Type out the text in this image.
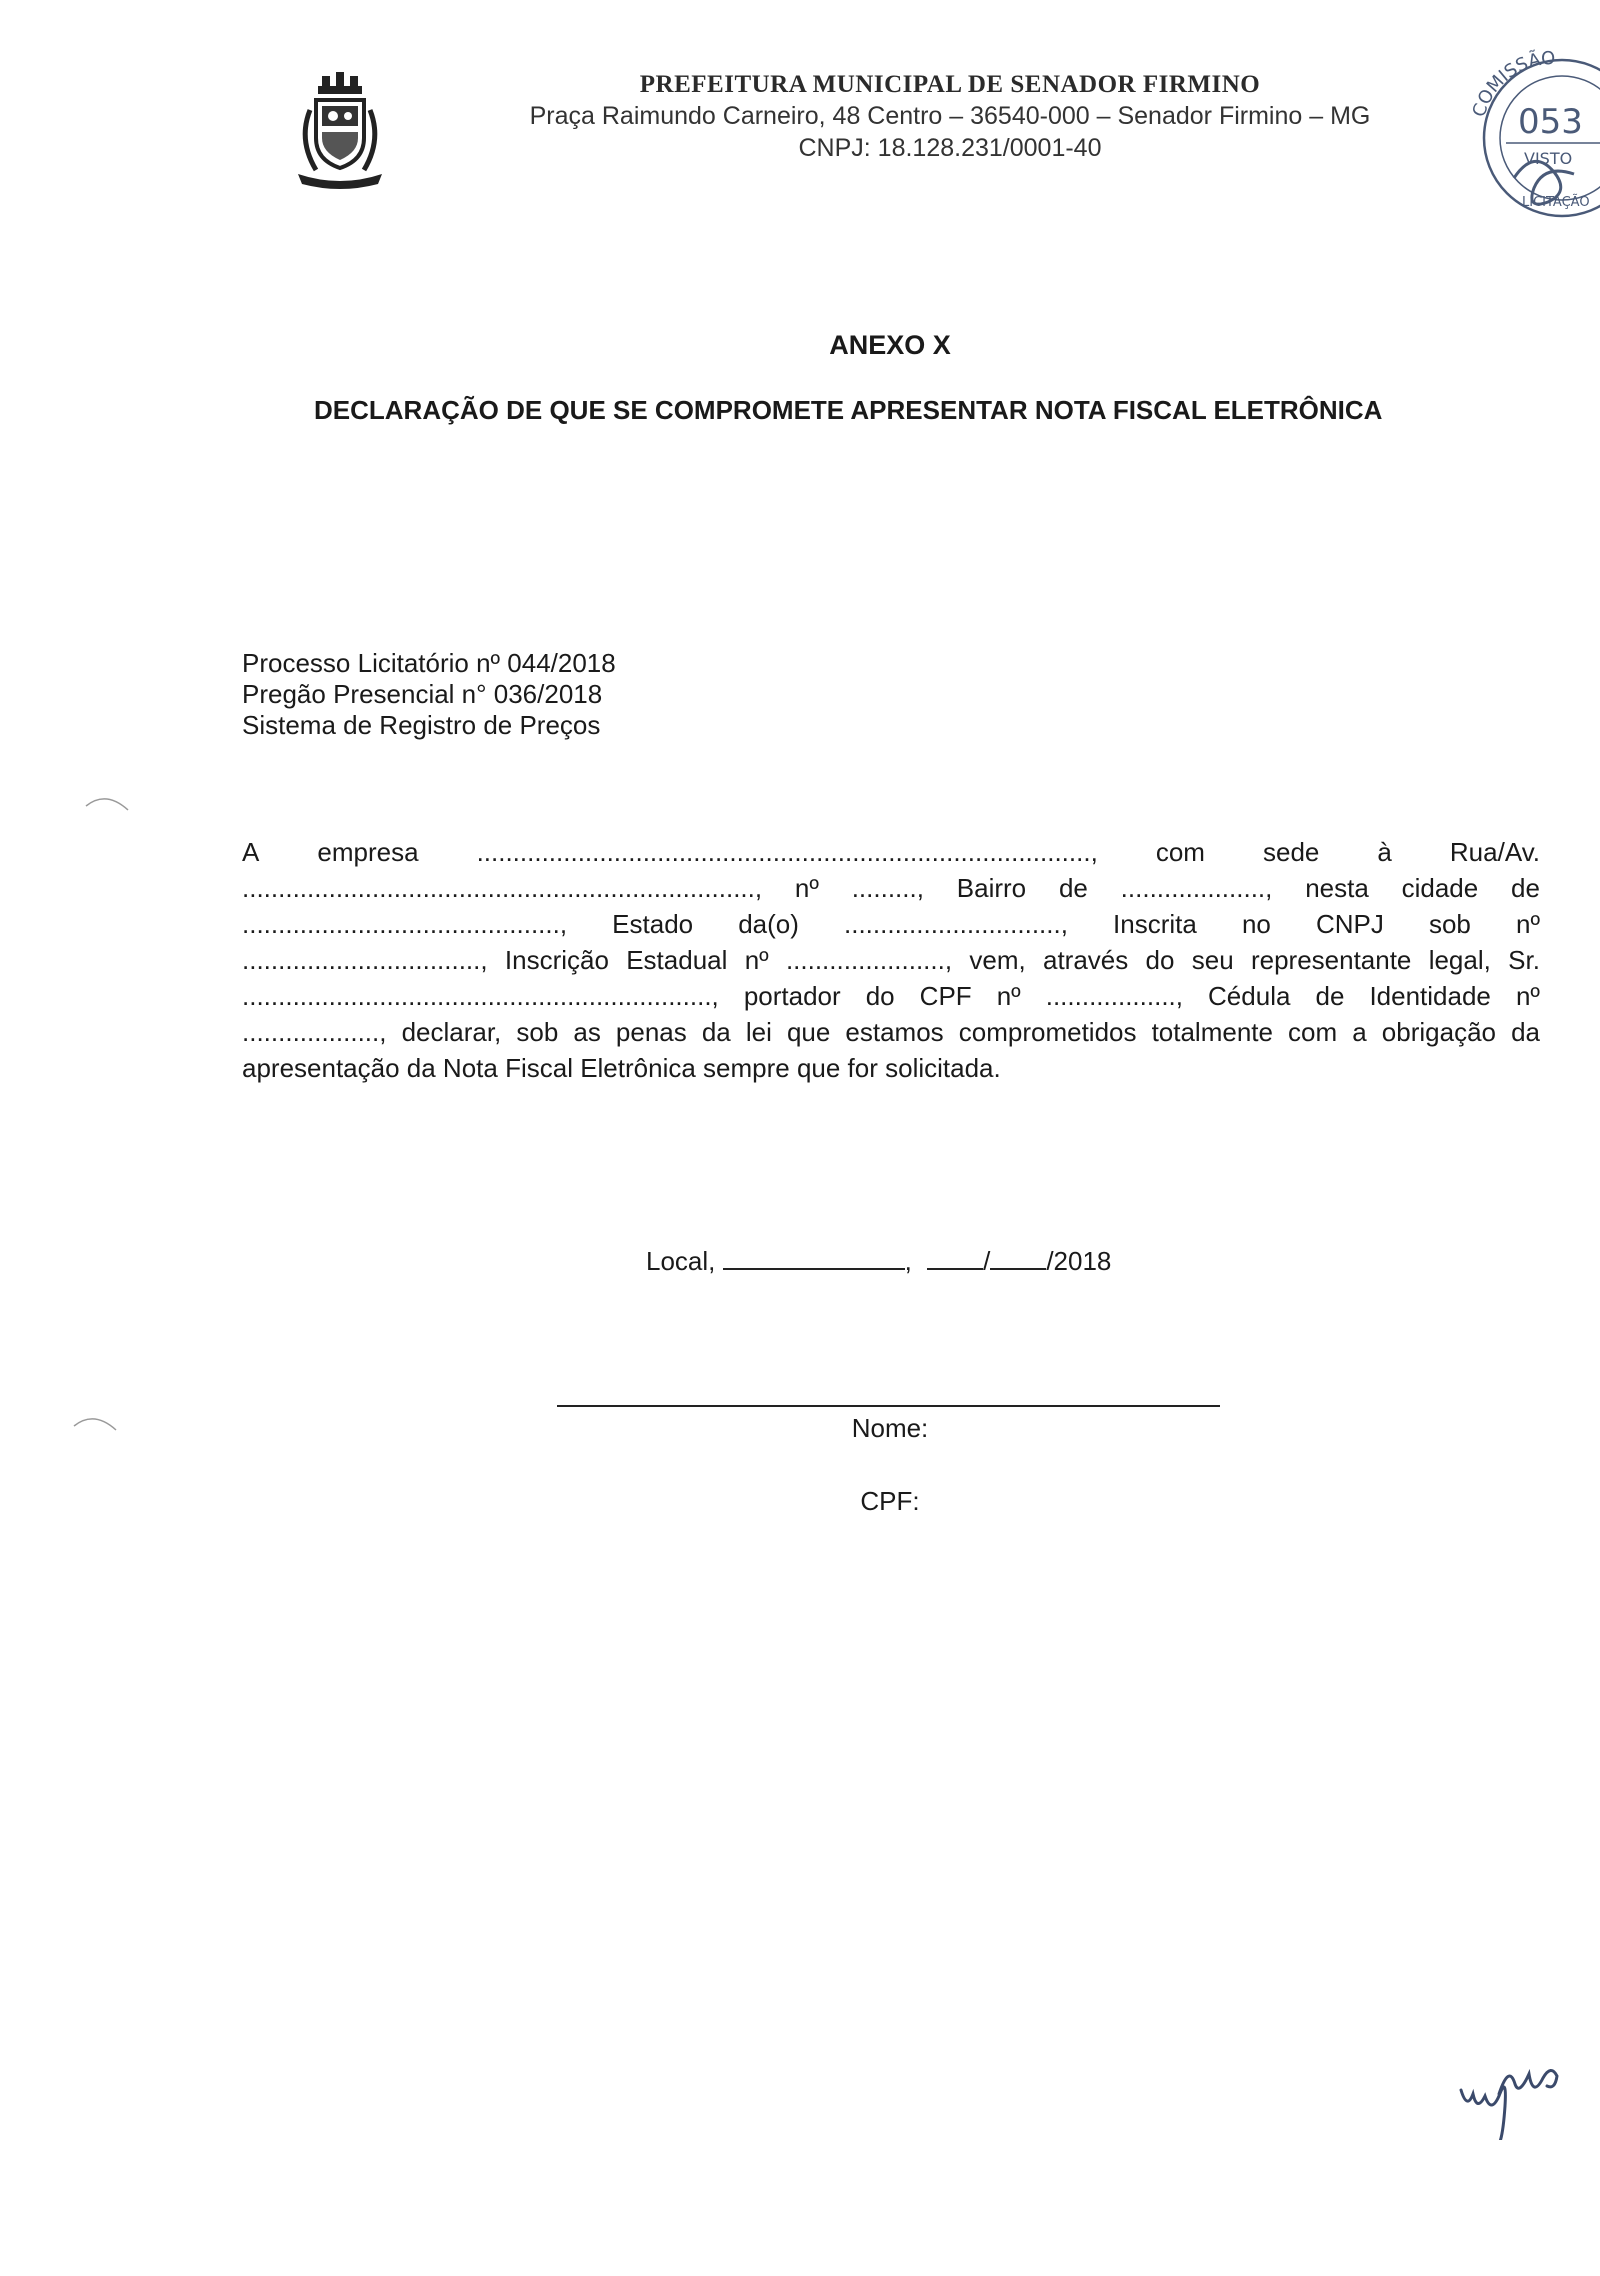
PREFEITURA MUNICIPAL DE SENADOR FIRMINO
Praça Raimundo Carneiro, 48 Centro – 36540-000 – Senador Firmino – MG
CNPJ: 18.128.231/0001-40
COMISSÃO
053
VISTO
LICITAÇÃO
ANEXO X
DECLARAÇÃO DE QUE SE COMPROMETE APRESENTAR NOTA FISCAL ELETRÔNICA
Processo Licitatório nº 044/2018
Pregão Presencial n° 036/2018
Sistema de Registro de Preços
A empresa ....................................................................................., com sede à Rua/Av.
......................................................................., nº ........., Bairro de ...................., nesta cidade de
............................................, Estado da(o) .............................., Inscrita no CNPJ sob nº
................................., Inscrição Estadual nº ......................, vem, através do seu representante legal, Sr.
................................................................., portador do CPF nº .................., Cédula de Identidade nº
..................., declarar, sob as penas da lei que estamos comprometidos totalmente com a obrigação da
apresentação da Nota Fiscal Eletrônica sempre que for solicitada.
Local,	,	/ /2018
Nome:
CPF:
